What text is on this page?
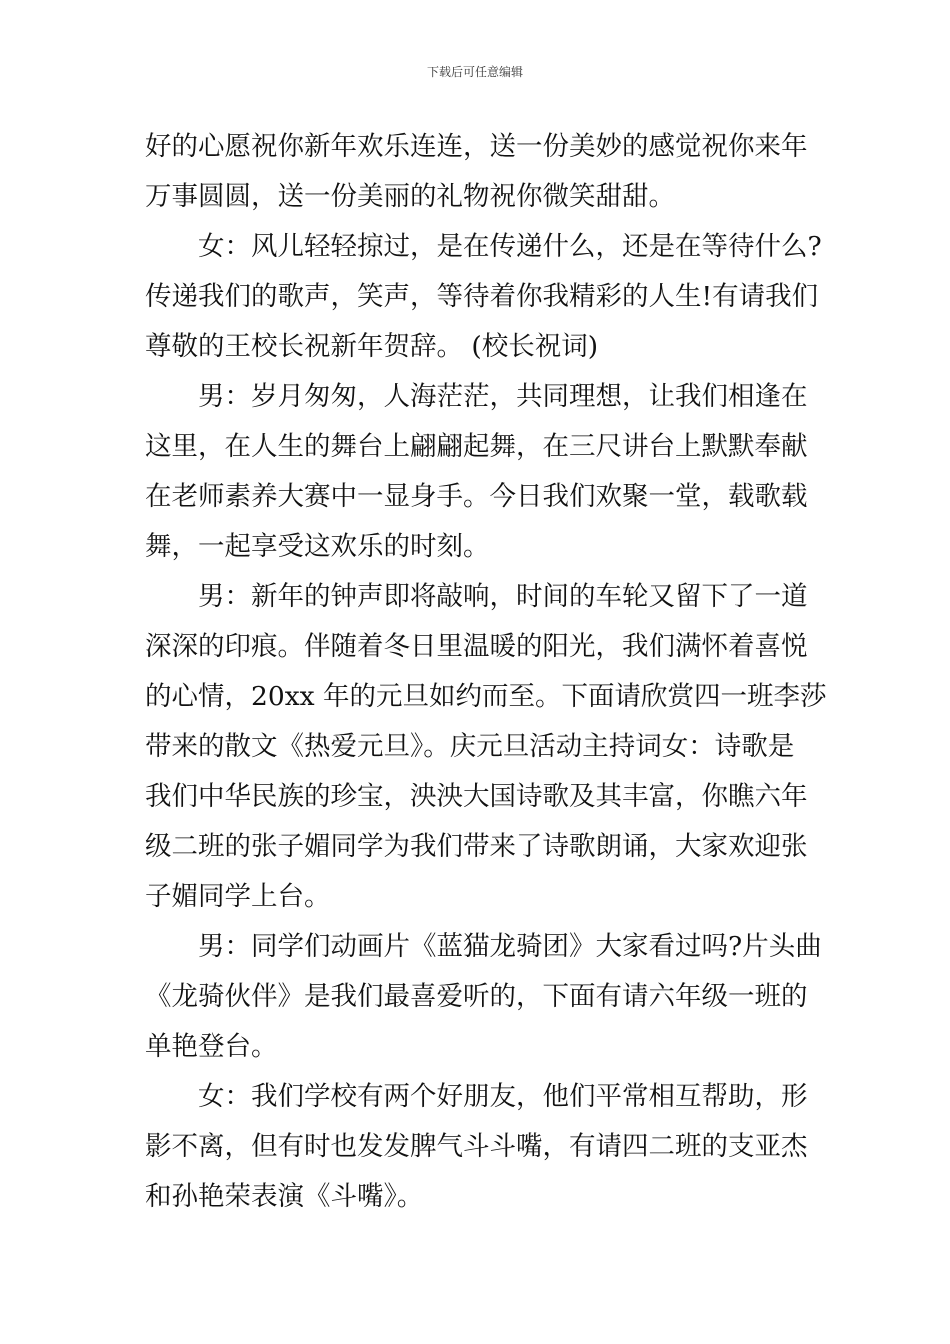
下载后可任意编辑

好的心愿祝你新年欢乐连连，送一份美妙的感觉祝你来年
万事圆圆，送一份美丽的礼物祝你微笑甜甜。

女：风儿轻轻掠过，是在传递什么，还是在等待什么?
传递我们的歌声，笑声，等待着你我精彩的人生!有请我们
尊敬的王校长祝新年贺辞。 (校长祝词)

男：岁月匆匆，人海茫茫，共同理想，让我们相逢在
这里，在人生的舞台上翩翩起舞，在三尺讲台上默默奉献
在老师素养大赛中一显身手。今日我们欢聚一堂，载歌载
舞，一起享受这欢乐的时刻。

男：新年的钟声即将敲响，时间的车轮又留下了一道
深深的印痕。伴随着冬日里温暖的阳光，我们满怀着喜悦
的心情，20xx 年的元旦如约而至。下面请欣赏四一班李莎
带来的散文《热爱元旦》。庆元旦活动主持词女：诗歌是
我们中华民族的珍宝，泱泱大国诗歌及其丰富，你瞧六年
级二班的张子媚同学为我们带来了诗歌朗诵，大家欢迎张
子媚同学上台。

男：同学们动画片《蓝猫龙骑团》大家看过吗?片头曲
《龙骑伙伴》是我们最喜爱听的，下面有请六年级一班的
单艳登台。

女：我们学校有两个好朋友，他们平常相互帮助，形
影不离，但有时也发发脾气斗斗嘴，有请四二班的支亚杰
和孙艳荣表演《斗嘴》。
